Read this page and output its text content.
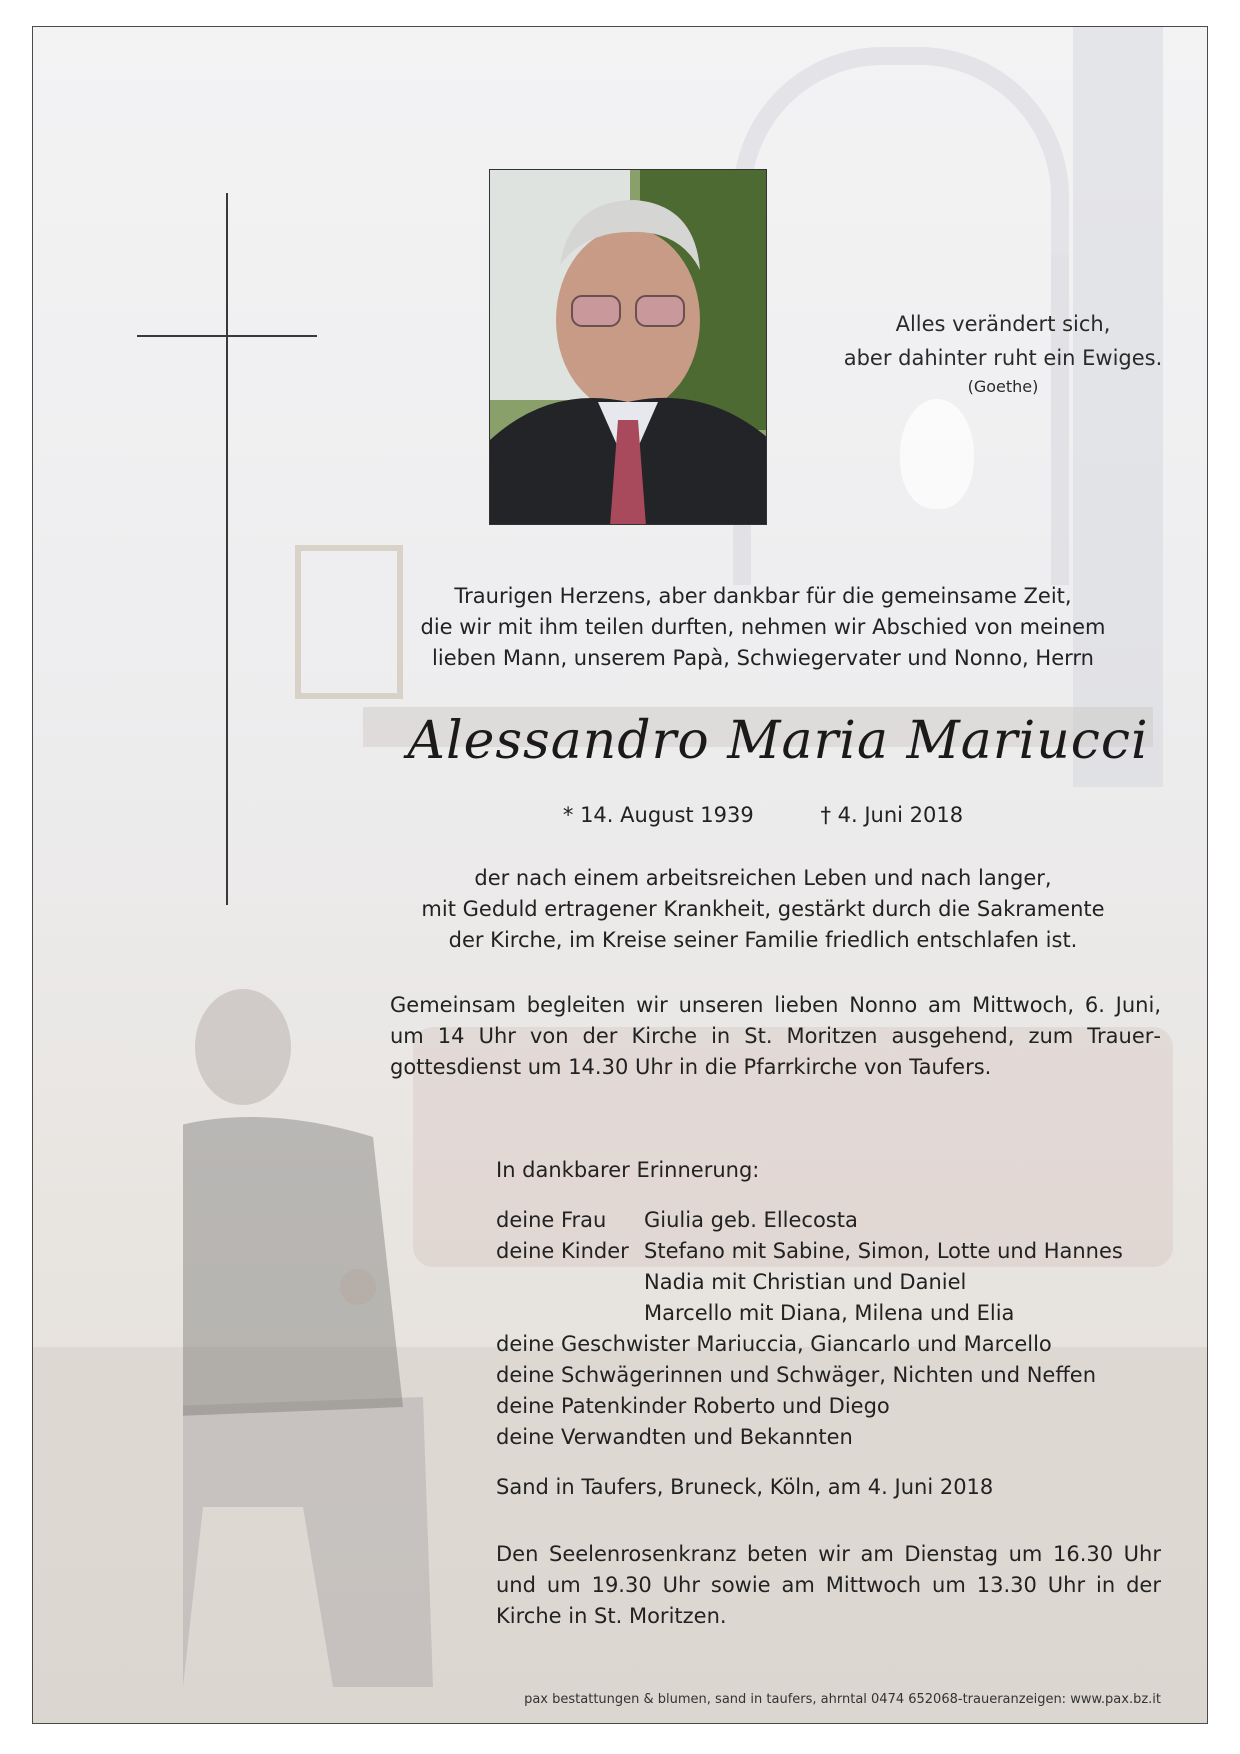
Alles verändert sich,
aber dahinter ruht ein Ewiges.
(Goethe)
Traurigen Herzens, aber dankbar für die gemeinsame Zeit,
die wir mit ihm teilen durften, nehmen wir Abschied von meinem
lieben Mann, unserem Papà, Schwiegervater und Nonno, Herrn
Alessandro Maria Mariucci
* 14. August 1939	† 4. Juni 2018
der nach einem arbeitsreichen Leben und nach langer,
mit Geduld ertragener Krankheit, gestärkt durch die Sakramente
der Kirche, im Kreise seiner Familie friedlich entschlafen ist.
Gemeinsam begleiten wir unseren lieben Nonno am Mittwoch, 6. Juni, um 14 Uhr von der Kirche in St. Moritzen ausgehend, zum Trauergottesdienst um 14.30 Uhr in die Pfarrkirche von Taufers.
In dankbarer Erinnerung:
deine Frau	Giulia geb. Ellecosta
deine Kinder Stefano mit Sabine, Simon, Lotte und Hannes
Nadia mit Christian und Daniel
Marcello mit Diana, Milena und Elia
deine Geschwister Mariuccia, Giancarlo und Marcello
deine Schwägerinnen und Schwäger, Nichten und Neffen
deine Patenkinder Roberto und Diego
deine Verwandten und Bekannten
Sand in Taufers, Bruneck, Köln, am 4. Juni 2018
Den Seelenrosenkranz beten wir am Dienstag um 16.30 Uhr und um 19.30 Uhr sowie am Mittwoch um 13.30 Uhr in der Kirche in St. Moritzen.
pax bestattungen & blumen, sand in taufers, ahrntal 0474 652068-traueranzeigen: www.pax.bz.it
